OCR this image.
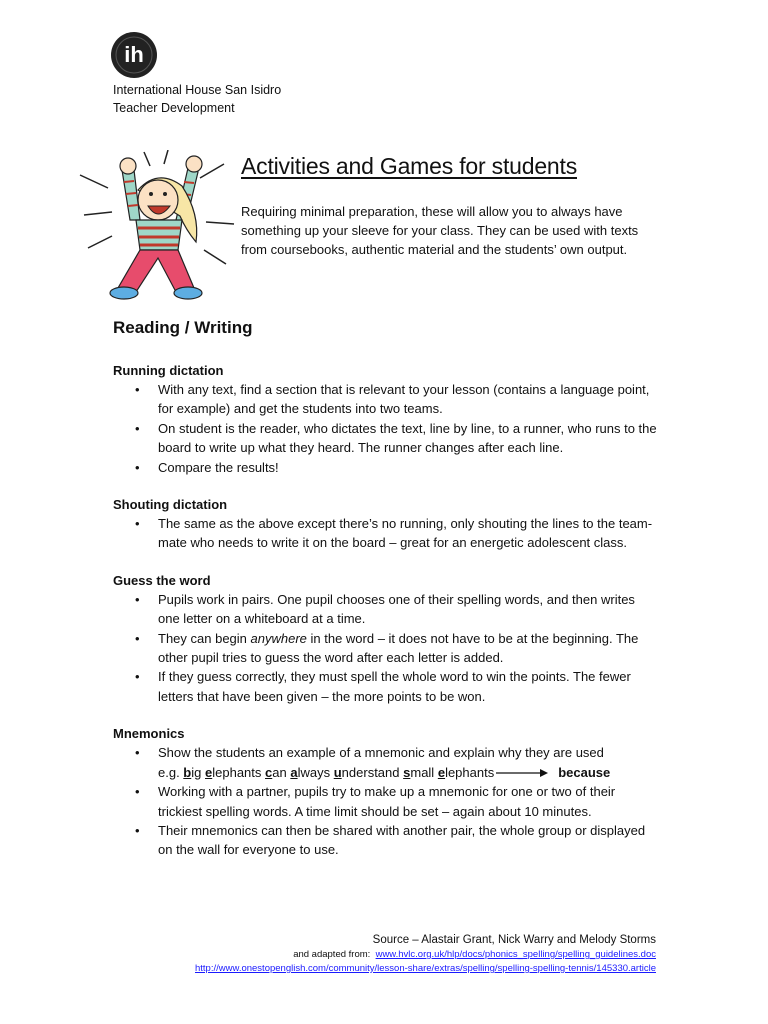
ih
International House San Isidro
Teacher Development
Activities and Games for students

Requiring minimal preparation, these will allow you to always have something up your sleeve for your class. They can be used with texts from coursebooks, authentic material and the students’ own output.

Reading / Writing
Running dictation
• With any text, find a section that is relevant to your lesson (contains a language point, for example) and get the students into two teams.
• On student is the reader, who dictates the text, line by line, to a runner, who runs to the board to write up what they heard. The runner changes after each line.
• Compare the results!
Shouting dictation
• The same as the above except there’s no running, only shouting the lines to the team-mate who needs to write it on the board – great for an energetic adolescent class.
Guess the word
• Pupils work in pairs. One pupil chooses one of their spelling words, and then writes one letter on a whiteboard at a time.
• They can begin anywhere in the word – it does not have to be at the beginning. The other pupil tries to guess the word after each letter is added.
• If they guess correctly, they must spell the whole word to win the points. The fewer letters that have been given – the more points to be won.
Mnemonics
• Show the students an example of a mnemonic and explain why they are used
e.g. big elephants can always understand small elephants	because
• Working with a partner, pupils try to make up a mnemonic for one or two of their trickiest spelling words. A time limit should be set – again about 10 minutes.
• Their mnemonics can then be shared with another pair, the whole group or displayed on the wall for everyone to use.
Source – Alastair Grant, Nick Warry and Melody Storms
and adapted from: www.hvlc.org.uk/hlp/docs/phonics_spelling/spelling_guidelines.doc
http://www.onestopenglish.com/community/lesson-share/extras/spelling/spelling-spelling-tennis/145330.article
